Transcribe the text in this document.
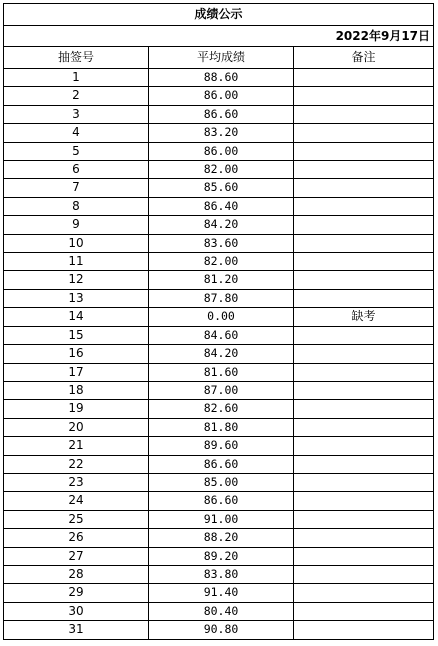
成绩公示		
2022年9月17日		
抽签号	平均成绩	备注
1	88.60	
2	86.00	
3	86.60	
4	83.20	
5	86.00	
6	82.00	
7	85.60	
8	86.40	
9	84.20	
10	83.60	
11	82.00	
12	81.20	
13	87.80	
14	0.00	缺考
15	84.60	
16	84.20	
17	81.60	
18	87.00	
19	82.60	
20	81.80	
21	89.60	
22	86.60	
23	85.00	
24	86.60	
25	91.00	
26	88.20	
27	89.20	
28	83.80	
29	91.40	
30	80.40	
31	90.80	
